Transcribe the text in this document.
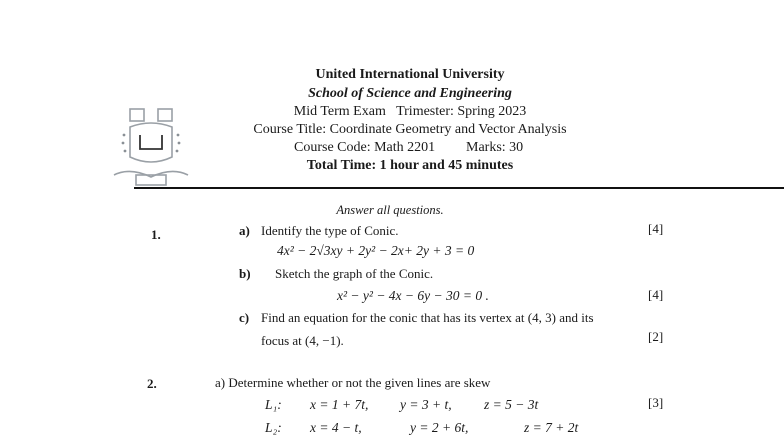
United International University
School of Science and Engineering
Mid Term Exam   Trimester: Spring 2023
Course Title: Coordinate Geometry and Vector Analysis
Course Code: Math 2201 Marks: 30
Total Time: 1 hour and 45 minutes
Answer all questions.
1.	a) Identify the type of Conic.	[4]
4x² − 2√3xy + 2y² − 2x+ 2y + 3 = 0
b) Sketch the graph of the Conic.
x² − y² − 4x − 6y − 30 = 0 .	[4]
c) Find an equation for the conic that has its vertex at (4, 3) and its
focus at (4, −1).	[2]
2.	a) Determine whether or not the given lines are skew
L₁: x = 1 + 7t, y = 3 + t, z = 5 − 3t	[3]
L₂: x = 4 − t,	y = 2 + 6t,	z = 7 + 2t
